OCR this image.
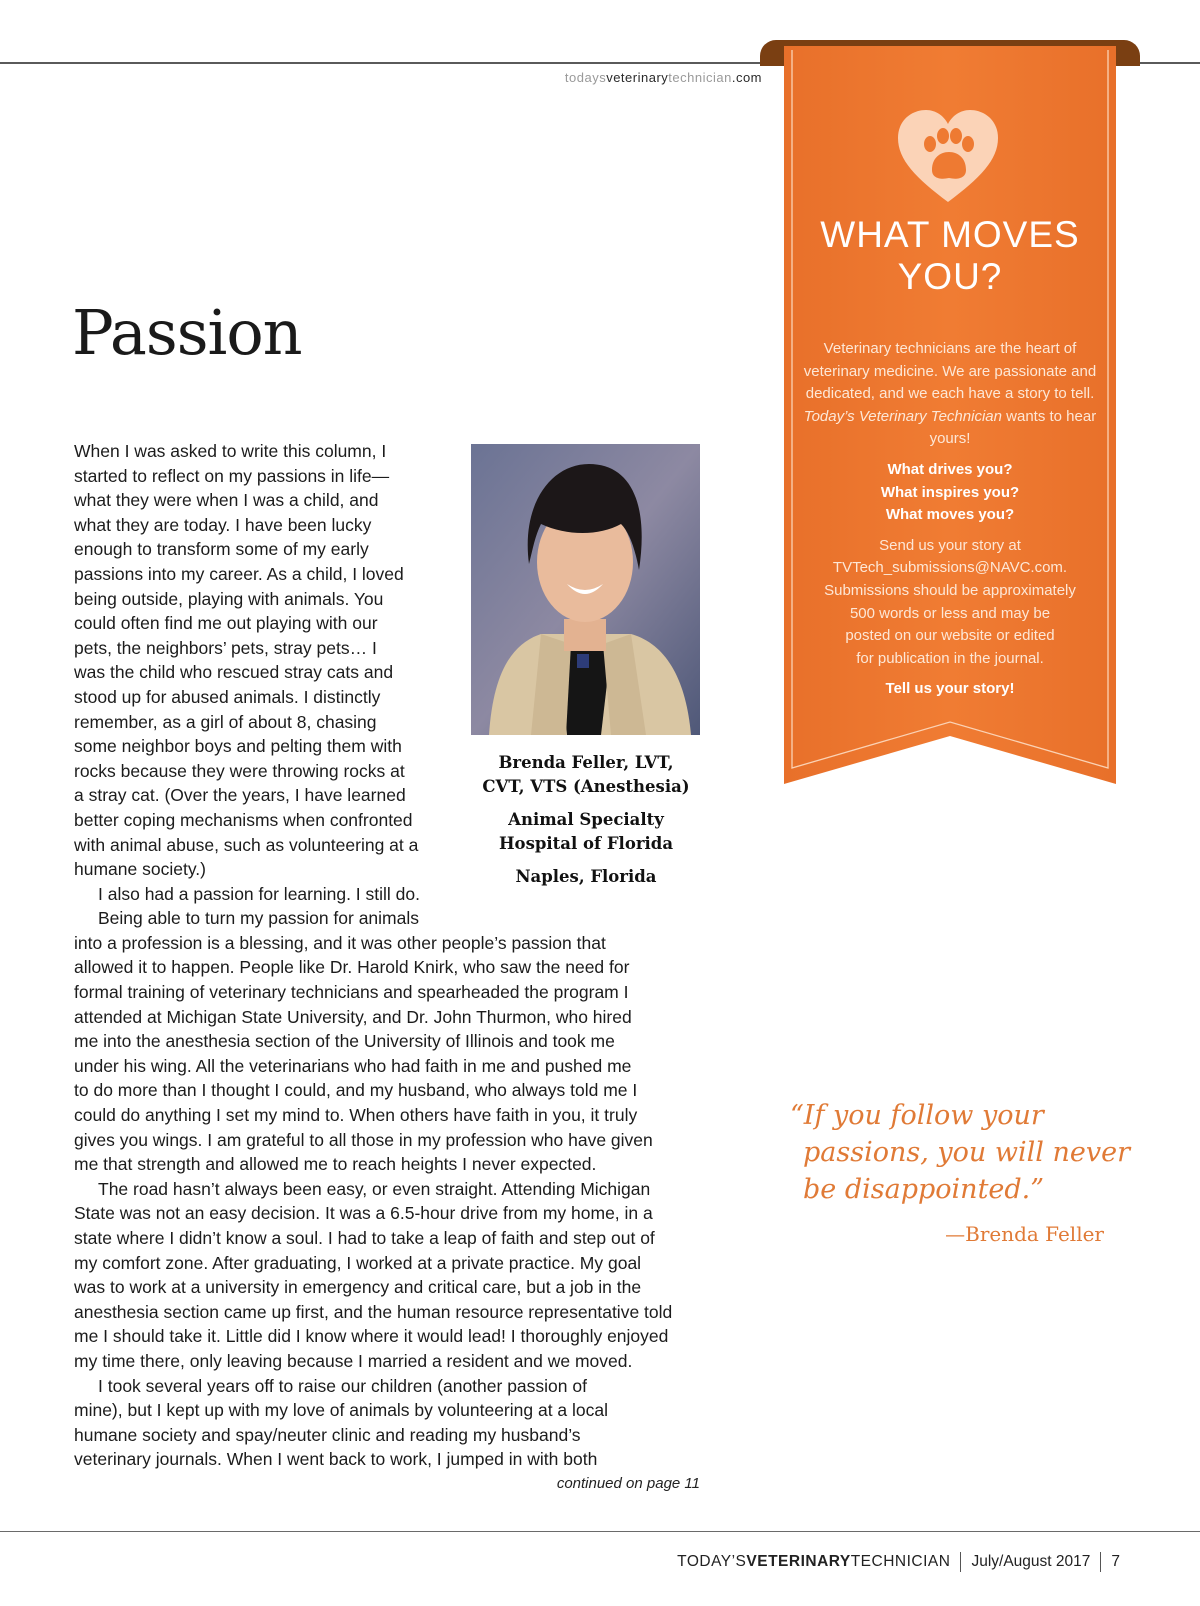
todaysveterinarytechnician.com
WHAT MOVES
YOU?

Veterinary technicians are the heart of veterinary medicine. We are passionate and dedicated, and we each have a story to tell. Today’s Veterinary Technician wants to hear yours!

What drives you?
What inspires you?
What moves you?

Send us your story at
TVTech_submissions@NAVC.com.
Submissions should be approximately
500 words or less and may be
posted on our website or edited
for publication in the journal.

Tell us your story!

Passion

Brenda Feller, LVT,
CVT, VTS (Anesthesia)

Animal Specialty
Hospital of Florida

Naples, Florida

When I was asked to write this column, I
started to reflect on my passions in life—
what they were when I was a child, and
what they are today. I have been lucky
enough to transform some of my early
passions into my career. As a child, I loved
being outside, playing with animals. You
could often find me out playing with our
pets, the neighbors’ pets, stray pets… I
was the child who rescued stray cats and
stood up for abused animals. I distinctly
remember, as a girl of about 8, chasing
some neighbor boys and pelting them with
rocks because they were throwing rocks at
a stray cat. (Over the years, I have learned
better coping mechanisms when confronted
with animal abuse, such as volunteering at a
humane society.)
I also had a passion for learning. I still do.
Being able to turn my passion for animals
into a profession is a blessing, and it was other people’s passion that
allowed it to happen. People like Dr. Harold Knirk, who saw the need for
formal training of veterinary technicians and spearheaded the program I
attended at Michigan State University, and Dr. John Thurmon, who hired
me into the anesthesia section of the University of Illinois and took me
under his wing. All the veterinarians who had faith in me and pushed me
to do more than I thought I could, and my husband, who always told me I
could do anything I set my mind to. When others have faith in you, it truly
gives you wings. I am grateful to all those in my profession who have given
me that strength and allowed me to reach heights I never expected.
The road hasn’t always been easy, or even straight. Attending Michigan
State was not an easy decision. It was a 6.5-hour drive from my home, in a
state where I didn’t know a soul. I had to take a leap of faith and step out of
my comfort zone. After graduating, I worked at a private practice. My goal
was to work at a university in emergency and critical care, but a job in the
anesthesia section came up first, and the human resource representative told
me I should take it. Little did I know where it would lead! I thoroughly enjoyed
my time there, only leaving because I married a resident and we moved.
I took several years off to raise our children (another passion of
mine), but I kept up with my love of animals by volunteering at a local
humane society and spay/neuter clinic and reading my husband’s
veterinary journals. When I went back to work, I jumped in with both
continued on page 11
“If you follow your
passions, you will never
be disappointed.”
—Brenda Feller
TODAY’SVETERINARYTECHNICIAN July/August 2017 7
